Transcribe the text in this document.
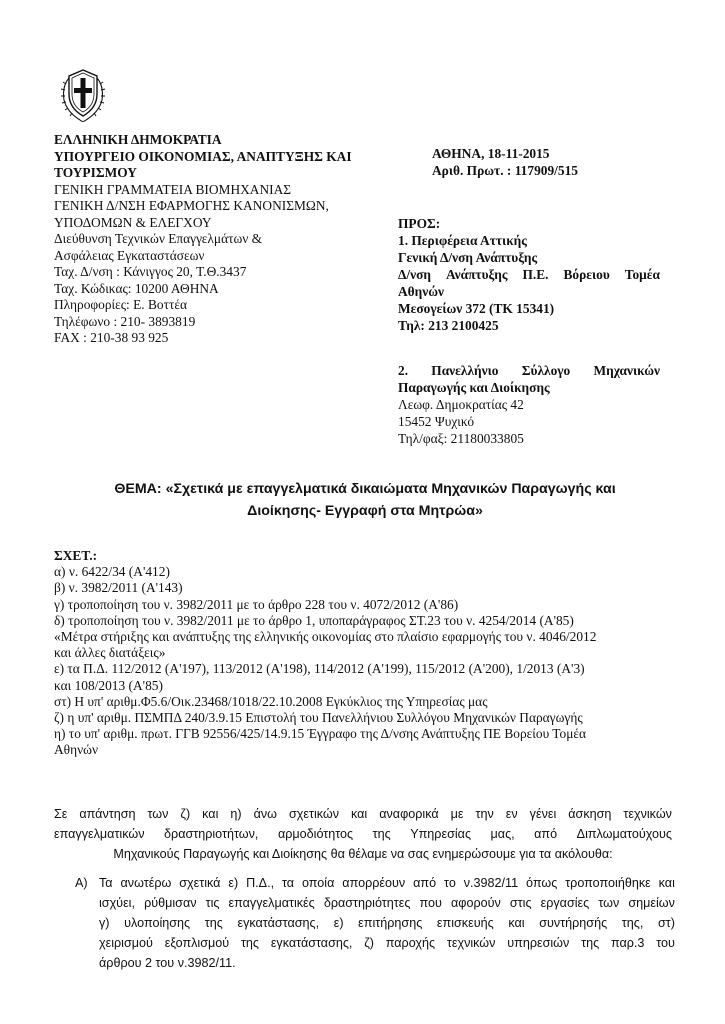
ΕΛΛΗΝΙΚΗ ΔΗΜΟΚΡΑΤΙΑ
ΥΠΟΥΡΓΕΙΟ ΟΙΚΟΝΟΜΙΑΣ, ΑΝΑΠΤΥΞΗΣ ΚΑΙ
ΤΟΥΡΙΣΜΟΥ
ΓΕΝΙΚΗ ΓΡΑΜΜΑΤΕΙΑ ΒΙΟΜΗΧΑΝΙΑΣ
ΓΕΝΙΚΗ Δ/ΝΣΗ ΕΦΑΡΜΟΓΗΣ ΚΑΝΟΝΙΣΜΩΝ,
ΥΠΟΔΟΜΩΝ & ΕΛΕΓΧΟΥ
Διεύθυνση Τεχνικών Επαγγελμάτων &
Ασφάλειας Εγκαταστάσεων
Ταχ. Δ/νση : Κάνιγγος 20, Τ.Θ.3437
Ταχ. Κώδικας: 10200 ΑΘΗΝΑ
Πληροφορίες: Ε. Βοττέα
Τηλέφωνο : 210- 3893819
FAX : 210-38 93 925
ΑΘΗΝΑ, 18-11-2015
Αριθ. Πρωτ. : 117909/515
ΠΡΟΣ:
1. Περιφέρεια Αττικής
Γενική Δ/νση Ανάπτυξης
Δ/νση Ανάπτυξης Π.Ε. Βόρειου Τομέα
Αθηνών
Μεσογείων 372 (ΤΚ 15341)
Τηλ: 213 2100425
2. Πανελλήνιο Σύλλογο Μηχανικών
Παραγωγής και Διοίκησης
Λεωφ. Δημοκρατίας 42
15452 Ψυχικό
Τηλ/φαξ: 21180033805
ΘΕΜΑ: «Σχετικά με επαγγελματικά δικαιώματα Μηχανικών Παραγωγής και
Διοίκησης- Εγγραφή στα Μητρώα»
ΣΧΕΤ.:
α) ν. 6422/34 (Α'412)
β) ν. 3982/2011 (Α'143)
γ) τροποποίηση του ν. 3982/2011 με το άρθρο 228 του ν. 4072/2012 (Α'86)
δ) τροποποίηση του ν. 3982/2011 με το άρθρο 1, υποπαράγραφος ΣΤ.23 του ν. 4254/2014 (Α'85)
«Μέτρα στήριξης και ανάπτυξης της ελληνικής οικονομίας στο πλαίσιο εφαρμογής του ν. 4046/2012
και άλλες διατάξεις»
ε) τα Π.Δ. 112/2012 (Α'197), 113/2012 (Α'198), 114/2012 (Α'199), 115/2012 (Α'200), 1/2013 (Α'3)
και 108/2013 (Α'85)
στ) Η υπ' αριθμ.Φ5.6/Οικ.23468/1018/22.10.2008 Εγκύκλιος της Υπηρεσίας μας
ζ) η υπ' αριθμ. ΠΣΜΠΔ 240/3.9.15 Επιστολή του Πανελλήνιου Συλλόγου Μηχανικών Παραγωγής
η) το υπ' αριθμ. πρωτ. ΓΓΒ 92556/425/14.9.15 Έγγραφο της Δ/νσης Ανάπτυξης ΠΕ Βορείου Τομέα
Αθηνών
Σε απάντηση των ζ) και η) άνω σχετικών και αναφορικά με την εν γένει άσκηση τεχνικών
επαγγελματικών δραστηριοτήτων, αρμοδιότητος της Υπηρεσίας μας, από Διπλωματούχους
Μηχανικούς Παραγωγής και Διοίκησης θα θέλαμε να σας ενημερώσουμε για τα ακόλουθα:
Α) Τα ανωτέρω σχετικά ε) Π.Δ., τα οποία απορρέουν από το ν.3982/11 όπως τροποποιήθηκε και
ισχύει, ρύθμισαν τις επαγγελματικές δραστηριότητες που αφορούν στις εργασίες των σημείων
γ) υλοποίησης της εγκατάστασης, ε) επιτήρησης επισκευής και συντήρησής της, στ)
χειρισμού εξοπλισμού της εγκατάστασης, ζ) παροχής τεχνικών υπηρεσιών της παρ.3 του
άρθρου 2 του ν.3982/11.
